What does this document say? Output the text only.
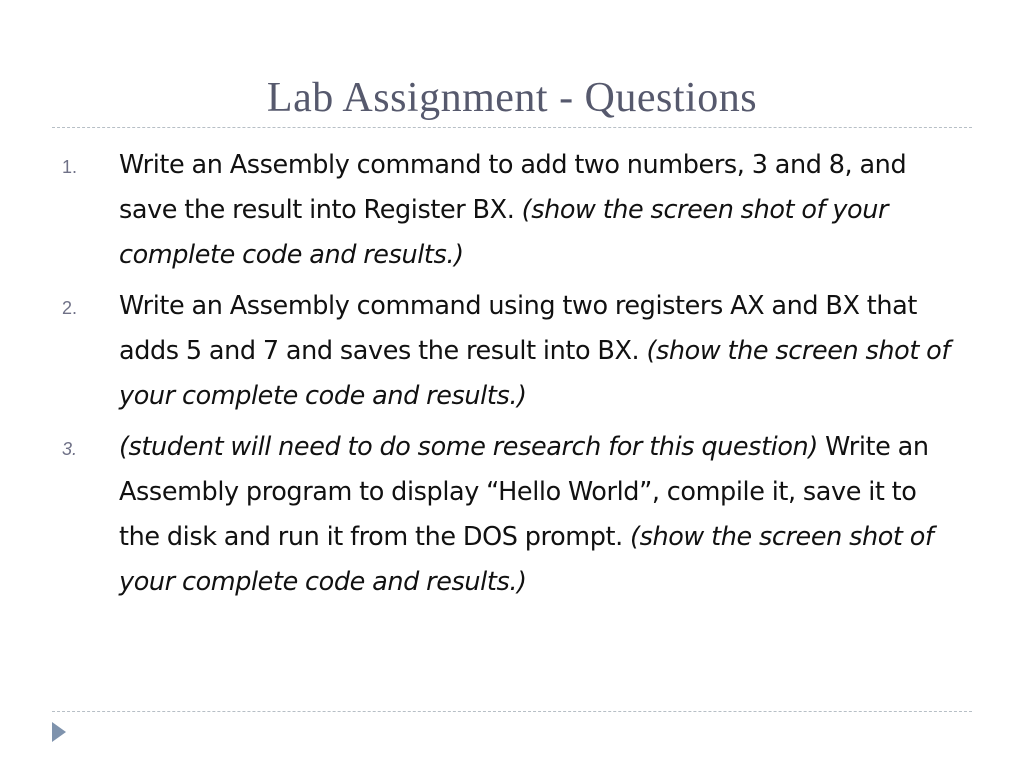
Lab Assignment - Questions
1. Write an Assembly command to add two numbers, 3 and 8, and save the result into Register BX. (show the screen shot of your complete code and results.)
2. Write an Assembly command using two registers AX and BX that adds 5 and 7 and saves the result into BX. (show the screen shot of your complete code and results.)
3. (student will need to do some research for this question) Write an Assembly program to display “Hello World”, compile it, save it to the disk and run it from the DOS prompt. (show the screen shot of your complete code and results.)
